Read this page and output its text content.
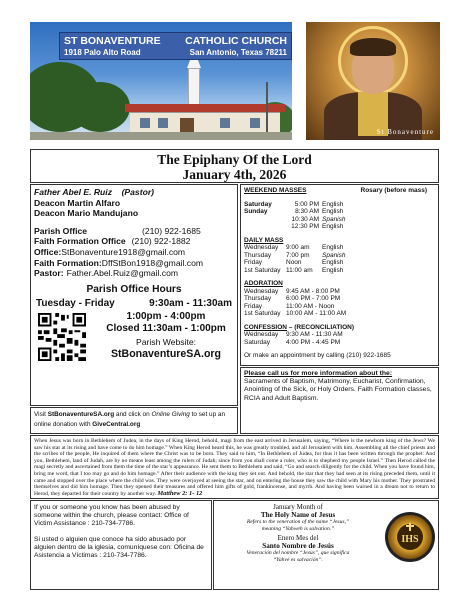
ST BONAVENTURE CATHOLIC CHURCH
1918 Palo Alto Road	San Antonio, Texas 78211
St Bonaventure
The Epiphany Of the Lord
January 4th, 2026
Father Abel E. Ruiz (Pastor)
Deacon Martin Alfaro
Deacon Mario Mandujano
Parish Office	(210) 922-1685
Faith Formation Office (210) 922-1882
Office: StBonaventure1918@gmail.com
Faith Formation: DffStBon1918@gmail.com
Pastor: Father.Abel.Ruiz@gmail.com
Parish Office Hours
Tuesday - Friday	9:30am - 11:30am
1:00pm - 4:00pm
Closed 11:30am - 1:00pm
Parish Website:
StBonaventureSA.org
Visit StBonaventureSA.org and click on Online Giving to set up an online donation with GiveCentral.org
WEEKEND MASSES	Rosary (before mass)
Saturday	5:00 PM English
Sunday	8:30 AM English
10:30 AM Spanish
12:30 PM English
DAILY MASS
Wednesday	9:00 am	English
Thursday	7:00 pm	Spanish
Friday	Noon	English
1st Saturday 11:00 am	English
ADORATION
Wednesday	9:45 AM - 8:00 PM
Thursday	6:00 PM - 7:00 PM
Friday	11:00 AM - Noon
1st Saturday 10:00 AM - 11:00 AM
CONFESSION – (RECONCILIATION)
Wednesday	9:30 AM - 11:30 AM
Saturday	4:00 PM - 4:45 PM
Or make an appointment by calling (210) 922-1685
Please call us for more information about the:
Sacraments of Baptism, Matrimony, Eucharist, Confirmation, Anointing of the Sick, or Holy Orders. Faith Formation classes, RCIA and Adult Baptism.
When Jesus was born in Bethlehem of Judea, in the days of King Herod, behold, magi from the east arrived in Jerusalem, saying, “Where is the newborn king of the Jews? We saw his star at its rising and have come to do him homage.” When King Herod heard this, he was greatly troubled, and all Jerusalem with him. Assembling all the chief priests and the scribes of the people, He inquired of them where the Christ was to be born. They said to him, “In Bethlehem of Judea, for thus it has been written through the prophet: And you, Bethlehem, land of Judah, are by no means least among the rulers of Judah; since from you shall come a ruler, who is to shepherd my people Israel.” Then Herod called the magi secretly and ascertained from them the time of the star’s appearance. He sent them to Bethlehem and said, “Go and search diligently for the child. When you have found him, bring me word, that I too may go and do him homage.” After their audience with the king they set out. And behold, the star that they had seen at its rising preceded them, until it came and stopped over the place where the child was. They were overjoyed at seeing the star, and on entering the house they saw the child with Mary his mother. They prostrated themselves and did him homage. Then they opened their treasures and offered him gifts of gold, frankincense, and myrrh. And having been warned in a dream not to return to Herod, they departed for their country by another way. Matthew 2: 1- 12

If you or someone you know has been abused by someone within the church, please contact: Office of Victim Assistance : 210-734-7786.

Si usted o alguien que conoce ha sido abusado por alguien dentro de la iglesia, comuníquese con: Oficina de Asistencia a Víctimas : 210-734-7786.

January Month of
The Holy Name of Jesus
Refers to the veneration of the name “Jesus,”
meaning “Yahweh is salvation.”
Enero Mes del
Santo Nombre de Jesús
Veneración del nombre “Jesús”, que significa
“Yahvé es salvación”.
IHS
